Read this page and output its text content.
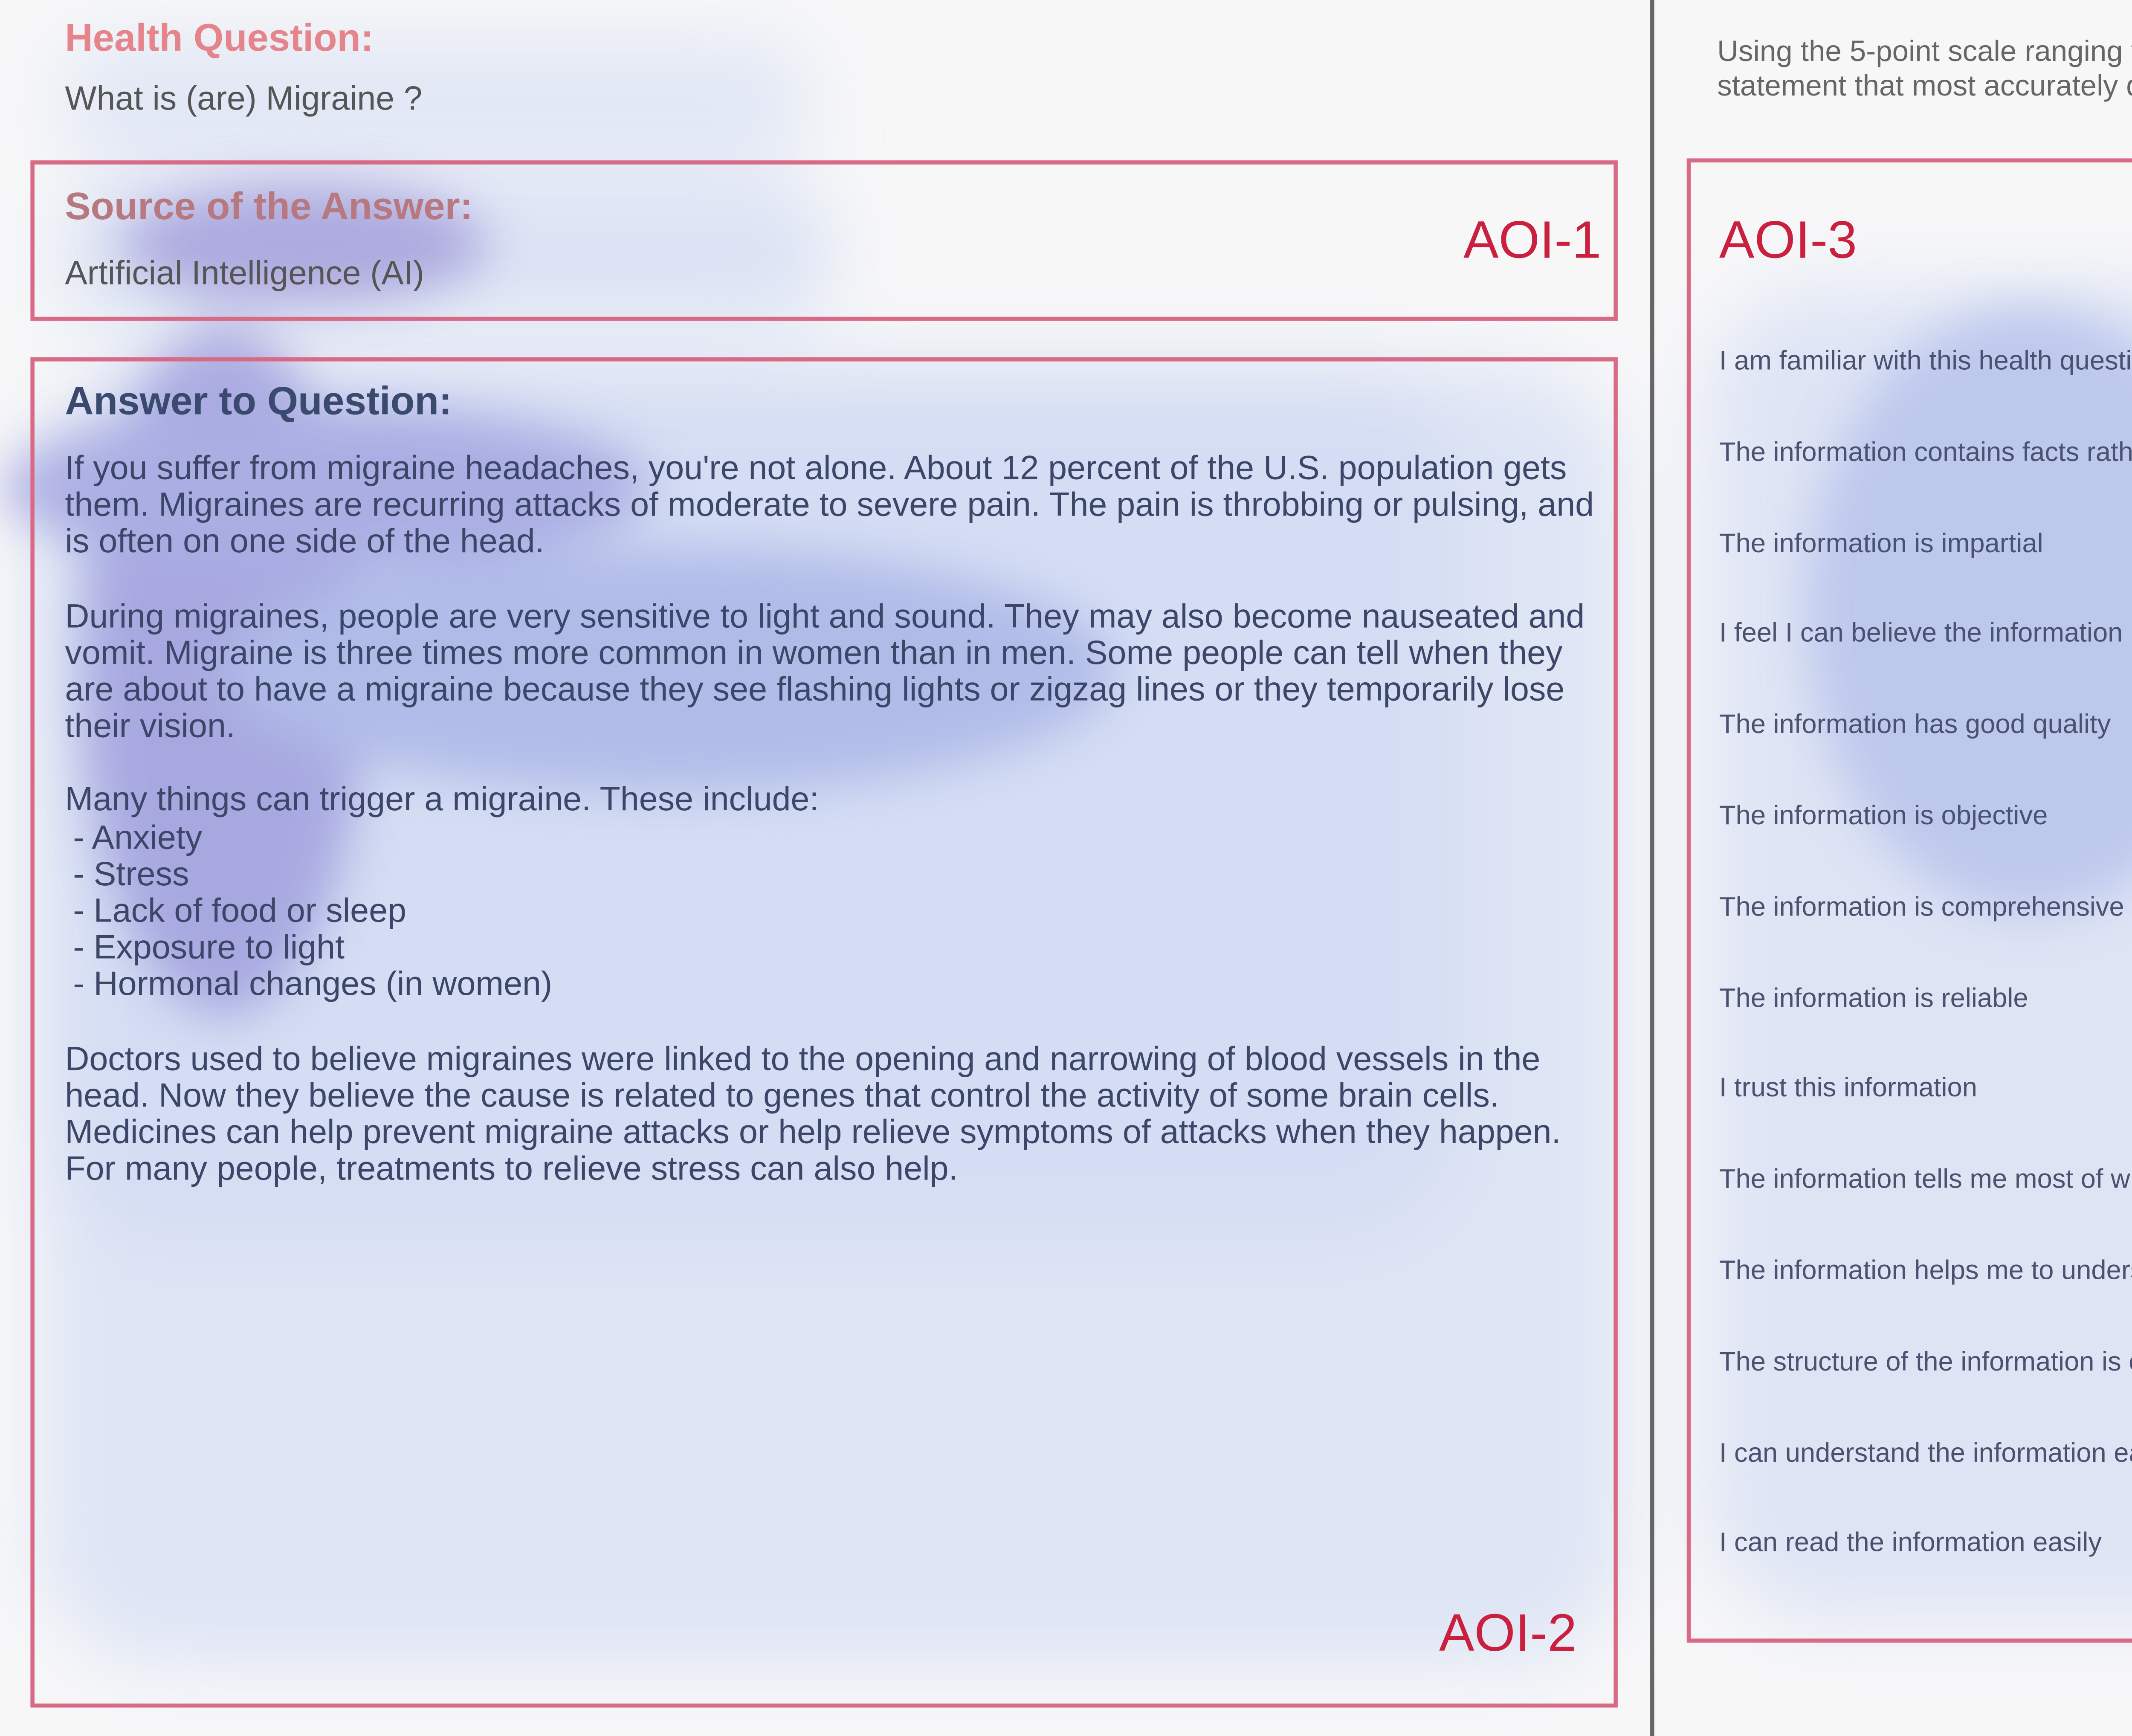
Health Question:
What is (are) Migraine ?
Source of the Answer:
Artificial Intelligence (AI)
AOI-1
Answer to Question:

If you suffer from migraine headaches, you're not alone. About 12 percent of the U.S. population gets them. Migraines are recurring attacks of moderate to severe pain. The pain is throbbing or pulsing, and is often on one side of the head.

During migraines, people are very sensitive to light and sound. They may also become nauseated and vomit. Migraine is three times more common in women than in men. Some people can tell when they are about to have a migraine because they see flashing lights or zigzag lines or they temporarily lose their vision.

Many things can trigger a migraine. These include:

- Anxiety
- Stress
- Lack of food or sleep
- Exposure to light
- Hormonal changes (in women)

Doctors used to believe migraines were linked to the opening and narrowing of blood vessels in the head. Now they believe the cause is related to genes that control the activity of some brain cells. Medicines can help prevent migraine attacks or help relieve symptoms of attacks when they happen. For many people, treatments to relieve stress can also help.

AOI-2
Using the 5-point scale ranging statement that most accurately
AOI-3
I am familiar with this health question
The information contains facts rath
The information is impartial
I feel I can believe the information
The information has good quality
The information is objective
The information is comprehensive
The information is reliable
I trust this information
The information tells me most of w
The information helps me to under
The structure of the information is
I can understand the information e
I can read the information easily
